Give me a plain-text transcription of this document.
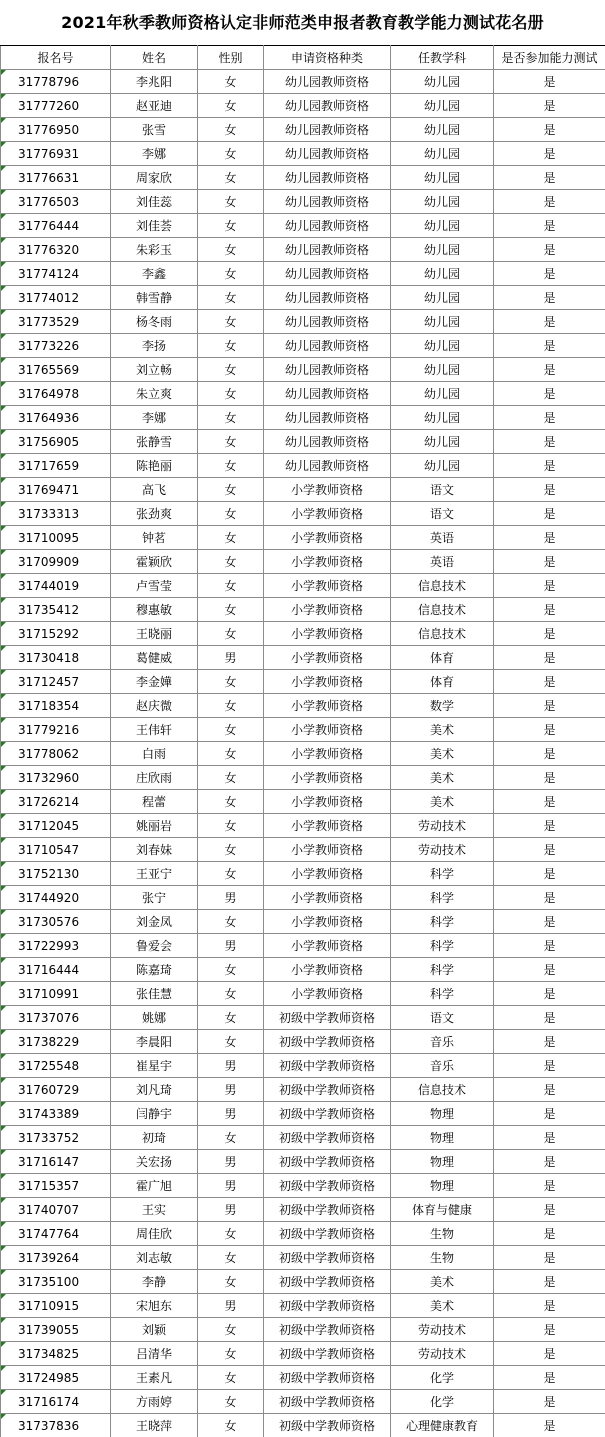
2021年秋季教师资格认定非师范类申报者教育教学能力测试花名册
报名号	姓名	性别	申请资格种类	任教学科	是否参加能力测试
31778796	李兆阳	女	幼儿园教师资格	幼儿园	是
31777260	赵亚迪	女	幼儿园教师资格	幼儿园	是
31776950	张雪	女	幼儿园教师资格	幼儿园	是
31776931	李娜	女	幼儿园教师资格	幼儿园	是
31776631	周家欣	女	幼儿园教师资格	幼儿园	是
31776503	刘佳蕊	女	幼儿园教师资格	幼儿园	是
31776444	刘佳荟	女	幼儿园教师资格	幼儿园	是
31776320	朱彩玉	女	幼儿园教师资格	幼儿园	是
31774124	李鑫	女	幼儿园教师资格	幼儿园	是
31774012	韩雪静	女	幼儿园教师资格	幼儿园	是
31773529	杨冬雨	女	幼儿园教师资格	幼儿园	是
31773226	李扬	女	幼儿园教师资格	幼儿园	是
31765569	刘立畅	女	幼儿园教师资格	幼儿园	是
31764978	朱立爽	女	幼儿园教师资格	幼儿园	是
31764936	李娜	女	幼儿园教师资格	幼儿园	是
31756905	张静雪	女	幼儿园教师资格	幼儿园	是
31717659	陈艳丽	女	幼儿园教师资格	幼儿园	是
31769471	高飞	女	小学教师资格	语文	是
31733313	张劲爽	女	小学教师资格	语文	是
31710095	钟茗	女	小学教师资格	英语	是
31709909	霍颖欣	女	小学教师资格	英语	是
31744019	卢雪莹	女	小学教师资格	信息技术	是
31735412	穆惠敏	女	小学教师资格	信息技术	是
31715292	王晓丽	女	小学教师资格	信息技术	是
31730418	葛健威	男	小学教师资格	体育	是
31712457	李金嬅	女	小学教师资格	体育	是
31718354	赵庆微	女	小学教师资格	数学	是
31779216	王伟轩	女	小学教师资格	美术	是
31778062	白雨	女	小学教师资格	美术	是
31732960	庄欣雨	女	小学教师资格	美术	是
31726214	程蕾	女	小学教师资格	美术	是
31712045	姚丽岩	女	小学教师资格	劳动技术	是
31710547	刘春妹	女	小学教师资格	劳动技术	是
31752130	王亚宁	女	小学教师资格	科学	是
31744920	张宁	男	小学教师资格	科学	是
31730576	刘金凤	女	小学教师资格	科学	是
31722993	鲁爱会	男	小学教师资格	科学	是
31716444	陈嘉琦	女	小学教师资格	科学	是
31710991	张佳慧	女	小学教师资格	科学	是
31737076	姚娜	女	初级中学教师资格	语文	是
31738229	李晨阳	女	初级中学教师资格	音乐	是
31725548	崔星宇	男	初级中学教师资格	音乐	是
31760729	刘凡琦	男	初级中学教师资格	信息技术	是
31743389	闫静宇	男	初级中学教师资格	物理	是
31733752	初琦	女	初级中学教师资格	物理	是
31716147	关宏扬	男	初级中学教师资格	物理	是
31715357	霍广旭	男	初级中学教师资格	物理	是
31740707	王实	男	初级中学教师资格	体育与健康	是
31747764	周佳欣	女	初级中学教师资格	生物	是
31739264	刘志敏	女	初级中学教师资格	生物	是
31735100	李静	女	初级中学教师资格	美术	是
31710915	宋旭东	男	初级中学教师资格	美术	是
31739055	刘颖	女	初级中学教师资格	劳动技术	是
31734825	吕清华	女	初级中学教师资格	劳动技术	是
31724985	王素凡	女	初级中学教师资格	化学	是
31716174	方雨婷	女	初级中学教师资格	化学	是
31737836	王晓萍	女	初级中学教师资格	心理健康教育	是
